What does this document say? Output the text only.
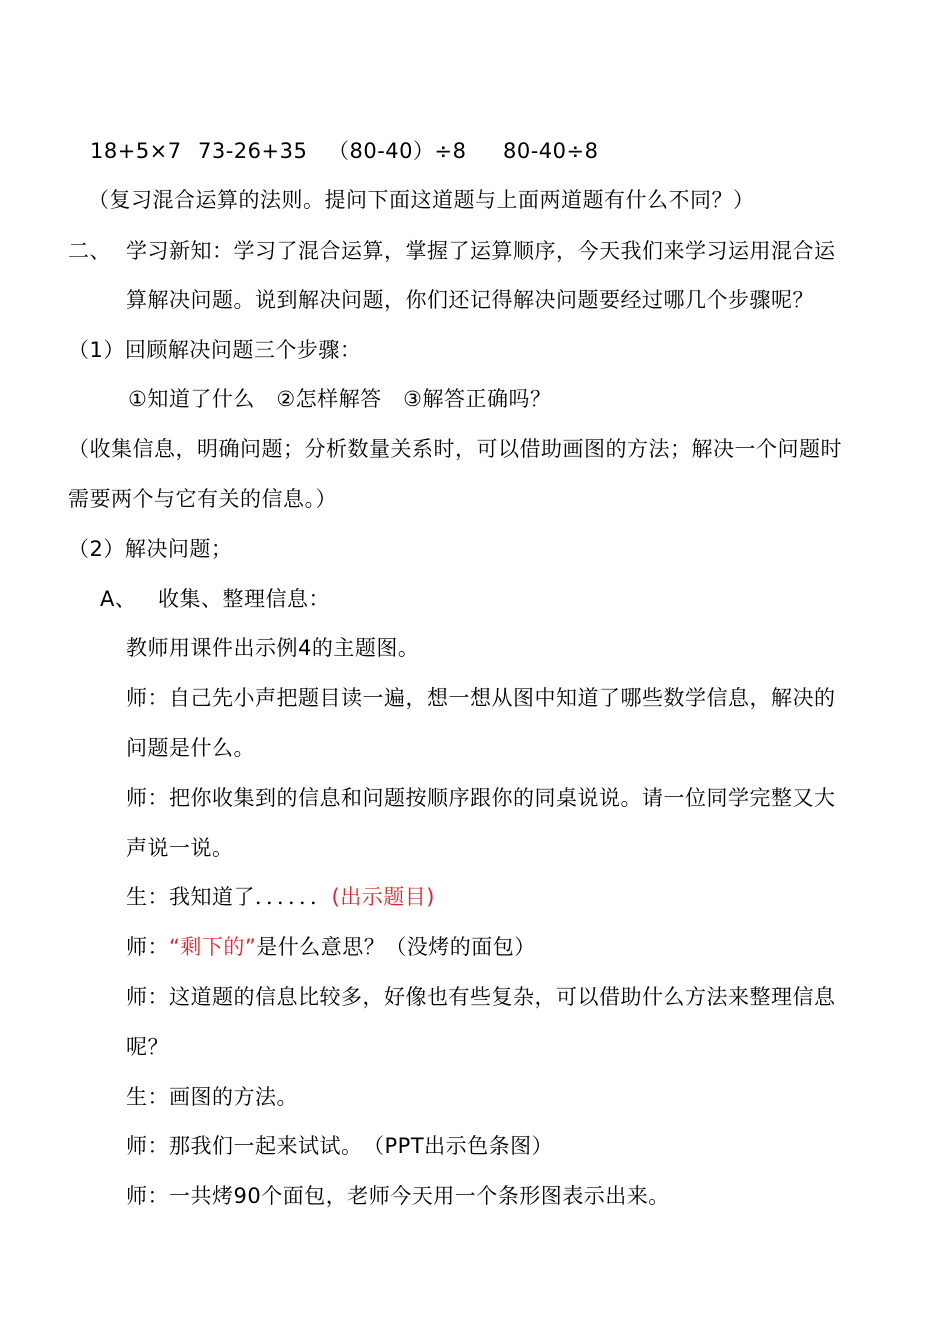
18+5×7 73-26+35 （80-40）÷8 80-40÷8
（复习混合运算的法则。提问下面这道题与上面两道题有什么不同？）
二、 学习新知：学习了混合运算，掌握了运算顺序，今天我们来学习运用混合运
算解决问题。说到解决问题，你们还记得解决问题要经过哪几个步骤呢？
（1）回顾解决问题三个步骤：
①知道了什么　②怎样解答　③解答正确吗？
（收集信息，明确问题；分析数量关系时，可以借助画图的方法；解决一个问题时
需要两个与它有关的信息。）
（2）解决问题；
A、 收集、整理信息：
教师用课件出示例4的主题图。
师：自己先小声把题目读一遍，想一想从图中知道了哪些数学信息，解决的
问题是什么。
师：把你收集到的信息和问题按顺序跟你的同桌说说。请一位同学完整又大
声说一说。
生：我知道了．．．．．．(出示题目)
师：“剩下的”是什么意思？（没烤的面包）
师：这道题的信息比较多，好像也有些复杂，可以借助什么方法来整理信息
呢？
生：画图的方法。
师：那我们一起来试试。　（PPT出示色条图）
师：一共烤90个面包，老师今天用一个条形图表示出来。
